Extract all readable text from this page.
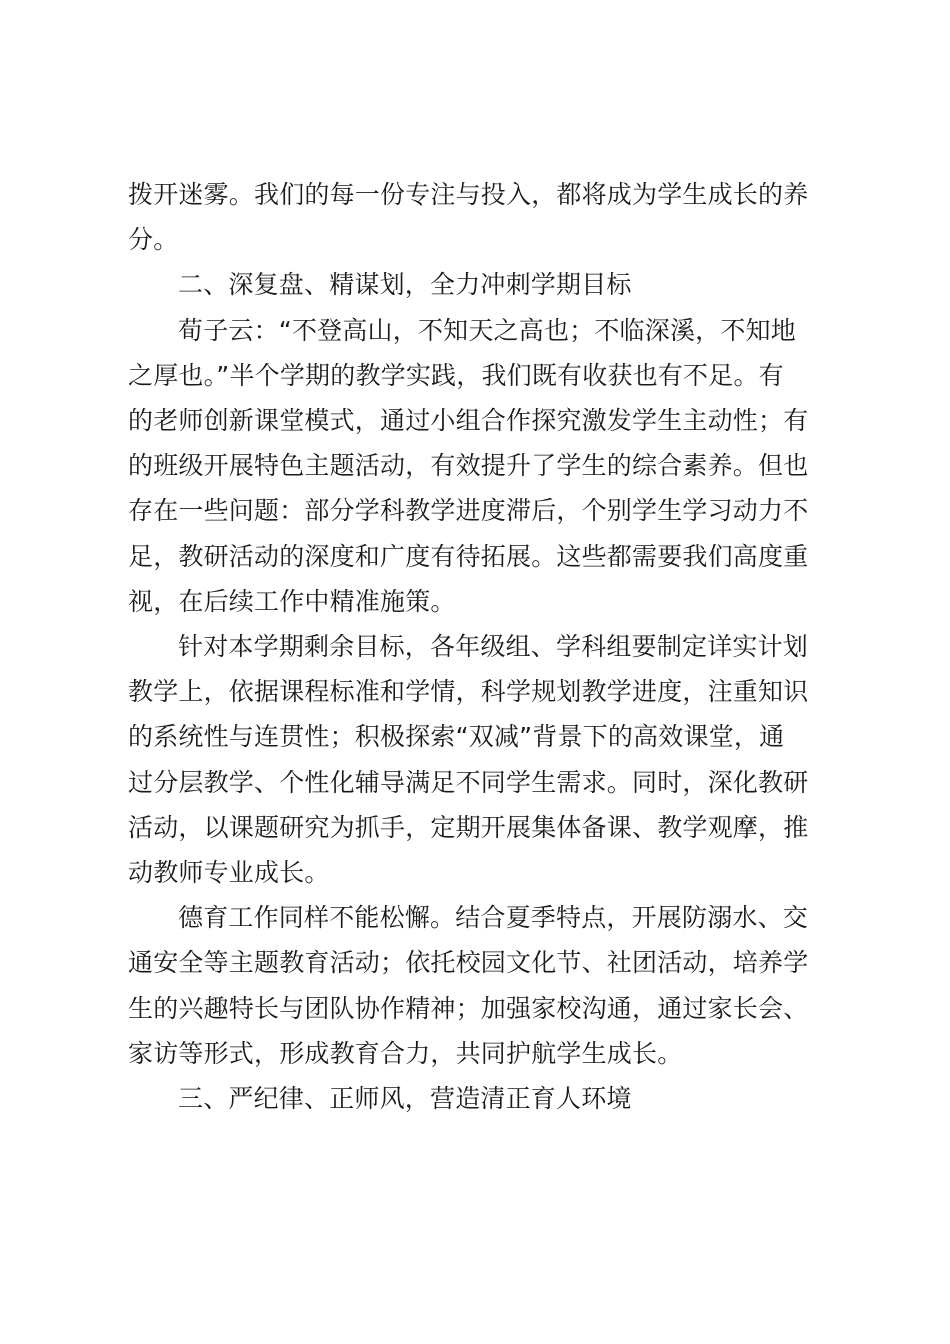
拨开迷雾。我们的每一份专注与投入，都将成为学生成长的养
分。

二、深复盘、精谋划，全力冲刺学期目标

荀子云：“不登高山，不知天之高也；不临深溪，不知地
之厚也。”半个学期的教学实践，我们既有收获也有不足。有
的老师创新课堂模式，通过小组合作探究激发学生主动性；有
的班级开展特色主题活动，有效提升了学生的综合素养。但也
存在一些问题：部分学科教学进度滞后，个别学生学习动力不
足，教研活动的深度和广度有待拓展。这些都需要我们高度重
视，在后续工作中精准施策。

针对本学期剩余目标，各年级组、学科组要制定详实计划
教学上，依据课程标准和学情，科学规划教学进度，注重知识
的系统性与连贯性；积极探索“双减”背景下的高效课堂，通
过分层教学、个性化辅导满足不同学生需求。同时，深化教研
活动，以课题研究为抓手，定期开展集体备课、教学观摩，推
动教师专业成长。

德育工作同样不能松懈。结合夏季特点，开展防溺水、交
通安全等主题教育活动；依托校园文化节、社团活动，培养学
生的兴趣特长与团队协作精神；加强家校沟通，通过家长会、
家访等形式，形成教育合力，共同护航学生成长。

三、严纪律、正师风，营造清正育人环境
